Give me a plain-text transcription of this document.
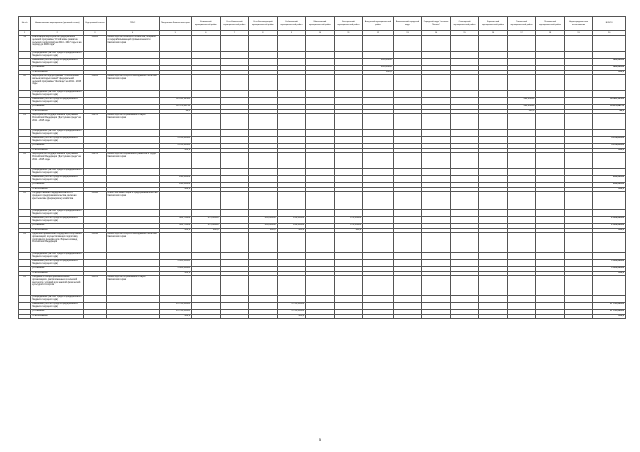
№ п/п	Наименование мероприятия (целевой статьи)	Код целевой статьи	ГРБС	Получатели Камчатского края	Елизовский муниципальный район	Усть-Камчатский муниципальный район	Усть-Большерецкий муниципальный район	Соболевский муниципальный район	Мильковский муниципальный район	Быстринский муниципальный район	Алеутский муниципальный район	Вилючинский городской округ	Городской округ "поселок Палана"	Олюторский муниципальный район	Карагинский муниципальный район	Тигильский муниципальный район	Пенжинский муниципальный район	Нераспределенные ассигнования	ВСЕГО
1	2	3	4	5	6	7	8	9	10	11	12	13	14	15	16	17	18	19	20
19	Реализация мероприятий федеральной целевой программы "Устойчивое развитие сельских территорий на 2014 - 2017 годы и на период до 2020 года"	50180	Министерство сельского хозяйства, пищевой и перерабатывающей промышленности Камчатского края																
	утвержденное (за счет средств федерального бюджета текущего года)																		
	изменение (за счет средств федерального бюджета текущего года)										384,00000								384,00000
	уточненное										384,00000								384,00000
	% исполнения										100,0								100,0
20	Мероприятия подпрограммы "Обеспечение жильем молодых семей" федеральной целевой программы "Жилище" на 2011 - 2015 годы	50200	Министерство спорта и молодежной политики Камчатского края																
	утвержденное (за счет средств федерального бюджета текущего года)																		
	изменение (за счет средств федерального бюджета текущего года)			58 015,12500												492,00000			58 426,12500
	уточненное			56 575,89750												492,00000			56 972,89750
	% исполнения			98,0												100,0			98,0
21	Мероприятия государственной программы Российской Федерации "Доступная среда" на 2011 - 2015 годы	50270	Министерство образования и науки Камчатского края																
	утвержденное (за счет средств федерального бюджета текущего года)																		
	изменение (за счет средств федерального бюджета текущего года)			3 153,81000															3 153,81000
	уточненное			3 153,81000															3 153,81000
	% исполнения			100,0															100,0
22	Мероприятия государственной программы Российской Федерации "Доступная среда" на 2011 - 2015 годы	50270	Министерство социального развития и труда Камчатского края																
	утвержденное (за счет средств федерального бюджета текущего года)																		
	изменение (за счет средств федерального бюджета текущего года)			290,00000															290,00000
	уточненное			290,00000															290,00000
	% исполнения			100,0															100,0
23	Государственная поддержка малого и среднего предпринимательства, включая крестьянские (фермерские) хозяйства	50640	Агентство инвестиций и предпринимательства Камчатского края																
	утвержденное (за счет средств федерального бюджета текущего года)																		
	изменение (за счет средств федерального бюджета текущего года)			664,75000	275,00000		450,00000	250,00000		275,00000									2 003,00000
	уточненное			664,75000	275,00000		450,00000	246,00000		275,00000									2 003,00000
	% исполнения			100,0	100,0		100,0	100,0		100,0									100,0
24	Адресная финансовая поддержка спортивных организаций, осуществляющих подготовку спортивного резерва для сборных команд Российской Федерации	50810	Министерство спорта и молодежной политики Камчатского края																
	утвержденное (за счет средств федерального бюджета текущего года)																		
	изменение (за счет средств федерального бюджета текущего года)			1 000,00000															1 000,00000
	уточненное			1 000,00000															1 000,00000
	% исполнения			100,0															100,0
25	Создание в общеобразовательных организациях, расположенных в сельской местности, условий для занятий физической культурой и спортом	50970	Министерство образования и науки Камчатского края																
	утвержденное (за счет средств федерального бюджета текущего года)																		
	изменение (за счет средств федерального бюджета текущего года)			13 700,00000				3 765,00000											17 735,00000
	уточненное			13 700,00000				3 765,00000											17 735,00000
	% исполнения			100,0				100,0											100,0
5
